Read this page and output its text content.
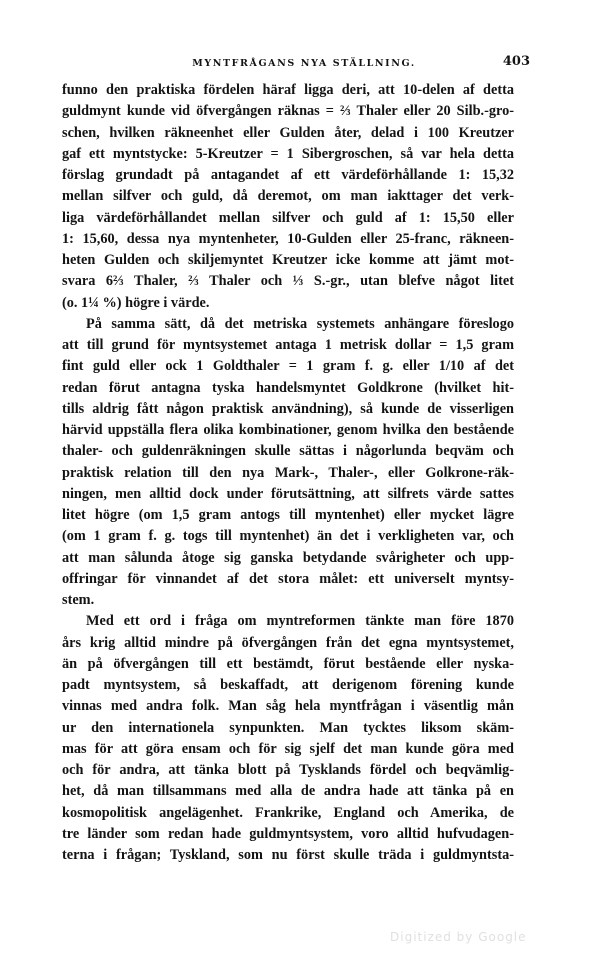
MYNTFRÅGANS NYA STÄLLNING.	403
funno den praktiska fördelen häraf ligga deri, att 10-delen af detta
guldmynt kunde vid öfvergången räknas = ⅔ Thaler eller 20 Silb.-gro-
schen, hvilken räkneenhet eller Gulden åter, delad i 100 Kreutzer
gaf ett myntstycke: 5-Kreutzer = 1 Sibergroschen, så var hela detta
förslag grundadt på antagandet af ett värdeförhållande 1: 15,32
mellan silfver och guld, då deremot, om man iakttager det verk-
liga värdeförhållandet mellan silfver och guld af 1: 15,50 eller
1: 15,60, dessa nya myntenheter, 10-Gulden eller 25-franc, räkneen-
heten Gulden och skiljemyntet Kreutzer icke komme att jämt mot-
svara 6⅔ Thaler, ⅔ Thaler och ⅓ S.-gr., utan blefve något litet
(o. 1¼ %) högre i värde.
På samma sätt, då det metriska systemets anhängare föreslogo
att till grund för myntsystemet antaga 1 metrisk dollar = 1,5 gram
fint guld eller ock 1 Goldthaler = 1 gram f. g. eller 1/10 af det
redan förut antagna tyska handelsmyntet Goldkrone (hvilket hit-
tills aldrig fått någon praktisk användning), så kunde de visserligen
härvid uppställa flera olika kombinationer, genom hvilka den bestående
thaler- och guldenräkningen skulle sättas i någorlunda beqväm och
praktisk relation till den nya Mark-, Thaler-, eller Golkrone-räk-
ningen, men alltid dock under förutsättning, att silfrets värde sattes
litet högre (om 1,5 gram antogs till myntenhet) eller mycket lägre
(om 1 gram f. g. togs till myntenhet) än det i verkligheten var, och
att man sålunda åtoge sig ganska betydande svårigheter och upp-
offringar för vinnandet af det stora målet: ett universelt myntsy-
stem.
Med ett ord i fråga om myntreformen tänkte man före 1870
års krig alltid mindre på öfvergången från det egna myntsystemet,
än på öfvergången till ett bestämdt, förut bestående eller nyska-
padt myntsystem, så beskaffadt, att derigenom förening kunde
vinnas med andra folk. Man såg hela myntfrågan i väsentlig mån
ur den internationela synpunkten. Man tycktes liksom skäm-
mas för att göra ensam och för sig sjelf det man kunde göra med
och för andra, att tänka blott på Tysklands fördel och beqvämlig-
het, då man tillsammans med alla de andra hade att tänka på en
kosmopolitisk angelägenhet. Frankrike, England och Amerika, de
tre länder som redan hade guldmyntsystem, voro alltid hufvudagen-
terna i frågan; Tyskland, som nu först skulle träda i guldmyntsta-
Digitized by Google
